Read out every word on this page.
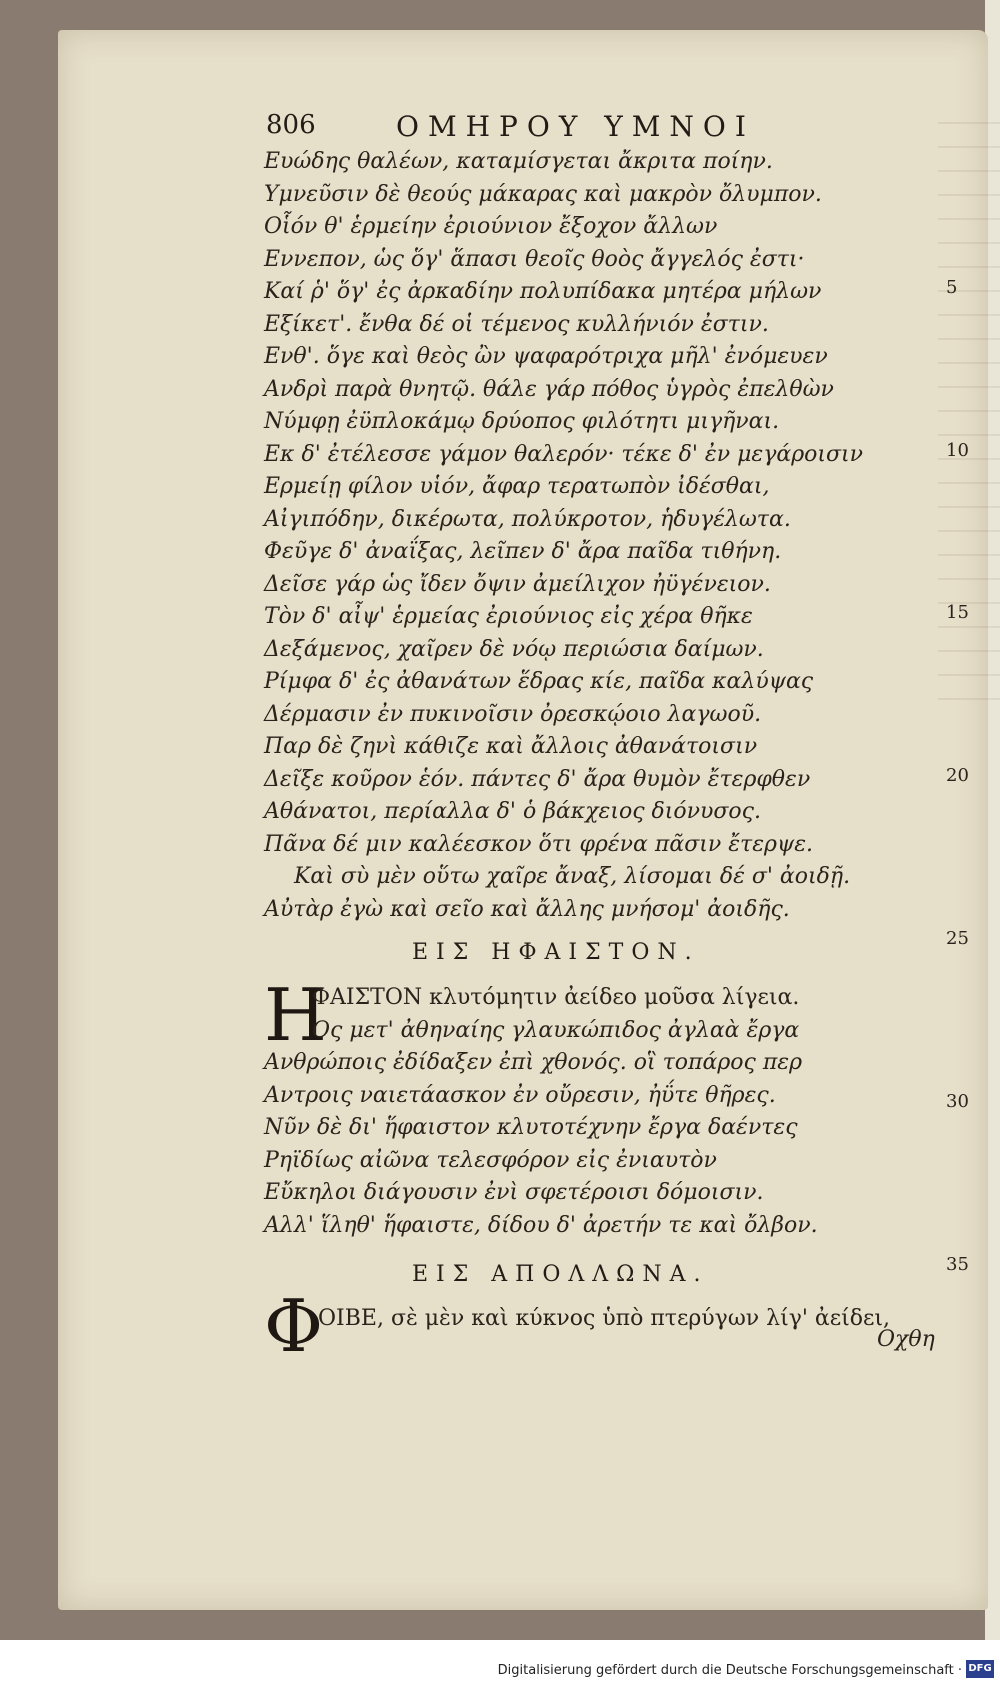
806	ΟΜΗΡΟΥ ΥΜΝΟΙ
Ευώδης θαλέων, καταμίσγεται ἄκριτα ποίην.
Υμνεῦσιν δὲ θεούς μάκαρας καὶ μακρὸν ὄλυμπον.
Οἷόν θ' ἑρμείην ἐριούνιον ἔξοχον ἄλλων
Εννεπον, ὡς ὅγ' ἅπασι θεοῖς θοὸς ἄγγελός ἐστι·
Καί ῥ' ὅγ' ἐς ἀρκαδίην πολυπίδακα μητέρα μήλων
Εξίκετ'. ἔνθα δέ οἱ τέμενος κυλλήνιόν ἐστιν.
Ενθ'. ὅγε καὶ θεὸς ὢν ψαφαρότριχα μῆλ' ἐνόμευεν
Ανδρὶ παρὰ θνητῷ. θάλε γάρ πόθος ὑγρὸς ἐπελθὼν
Νύμφῃ ἐϋπλοκάμῳ δρύοπος φιλότητι μιγῆναι.
Εκ δ' ἐτέλεσσε γάμον θαλερόν· τέκε δ' ἐν μεγάροισιν
Ερμείῃ φίλον υἱόν, ἄφαρ τερατωπὸν ἰδέσθαι,
Αἰγιπόδην, δικέρωτα, πολύκροτον, ἡδυγέλωτα.
Φεῦγε δ' ἀναΐξας, λεῖπεν δ' ἄρα παῖδα τιθήνη.
Δεῖσε γάρ ὡς ἴδεν ὄψιν ἀμείλιχον ἠϋγένειον.
Τὸν δ' αἶψ' ἑρμείας ἐριούνιος εἰς χέρα θῆκε
Δεξάμενος, χαῖρεν δὲ νόῳ περιώσια δαίμων.
Ρίμφα δ' ἐς ἀθανάτων ἕδρας κίε, παῖδα καλύψας
Δέρμασιν ἐν πυκινοῖσιν ὀρεσκῴοιο λαγωοῦ.
Παρ δὲ ζηνὶ κάθιζε καὶ ἄλλοις ἀθανάτοισιν
Δεῖξε κοῦρον ἑόν. πάντες δ' ἄρα θυμὸν ἔτερφθεν
Αθάνατοι, περίαλλα δ' ὁ βάκχειος διόνυσος.
Πᾶνα δέ μιν καλέεσκον ὅτι φρένα πᾶσιν ἔτερψε.
Καὶ σὺ μὲν οὕτω χαῖρε ἄναξ, λίσομαι δέ σ' ἀοιδῇ.
Αὐτὰρ ἐγὼ καὶ σεῖο καὶ ἄλλης μνήσομ' ἀοιδῆς.
5
10
15
20
25
30
35
ΕΙΣ ΗΦΑΙΣΤΟΝ.
Η
ΦΑΙΣΤΟΝ κλυτόμητιν ἀείδεο μοῦσα λίγεια.
Ος μετ' ἀθηναίης γλαυκώπιδος ἀγλαὰ ἔργα
Ανθρώποις ἐδίδαξεν ἐπὶ χθονός. οἳ τοπάρος περ
Αντροις ναιετάασκον ἐν οὔρεσιν, ἠΰτε θῆρες.
Νῦν δὲ δι' ἥφαιστον κλυτοτέχνην ἔργα δαέντες
Ρηϊδίως αἰῶνα τελεσφόρον εἰς ἐνιαυτὸν
Εὔκηλοι διάγουσιν ἐνὶ σφετέροισι δόμοισιν.
Αλλ' ἵληθ' ἥφαιστε, δίδου δ' ἀρετήν τε καὶ ὄλβον.
ΕΙΣ ΑΠΟΛΛΩΝΑ.
Φ
ΟΙΒΕ, σὲ μὲν καὶ κύκνος ὑπὸ πτερύγων λίγ' ἀείδει,
Οχθη
Digitalisierung gefördert durch die Deutsche Forschungsgemeinschaft · DFG
